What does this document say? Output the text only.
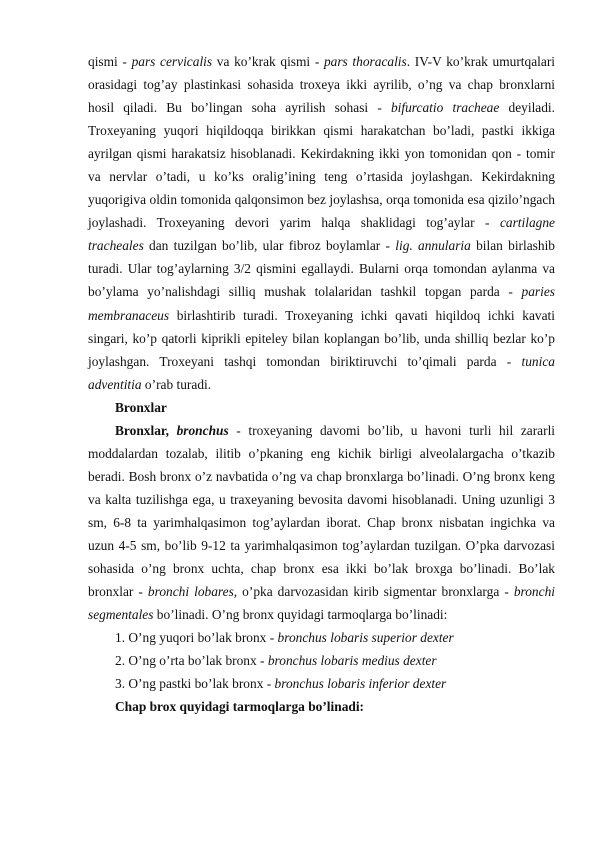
qismi - pars cervicalis va ko’krak qismi - pars thoracalis. IV-V ko’krak umurtqalari orasidagi tog’ay plastinkasi sohasida troxeya ikki ayrilib, o’ng va chap bronxlarni hosil qiladi. Bu bo’lingan soha ayrilish sohasi - bifurcatio tracheae deyiladi. Troxeyaning yuqori hiqildoqqa birikkan qismi harakatchan bo’ladi, pastki ikkiga ayrilgan qismi harakatsiz hisoblanadi. Kekirdakning ikki yon tomonidan qon - tomir va nervlar o’tadi, u ko’ks oralig’ining teng o’rtasida joylashgan. Kekirdakning yuqorigiva oldin tomonida qalqonsimon bez joylashsa, orqa tomonida esa qizilo’ngach joylashadi. Troxeyaning devori yarim halqa shaklidagi tog’aylar - cartilagne tracheales dan tuzilgan bo’lib, ular fibroz boylamlar - lig. annularia bilan birlashib turadi. Ular tog’aylarning 3/2 qismini egallaydi. Bularni orqa tomondan aylanma va bo’ylama yo’nalishdagi silliq mushak tolalaridan tashkil topgan parda - paries membranaceus birlashtirib turadi. Troxeyaning ichki qavati hiqildoq ichki kavati singari, ko’p qatorli kiprikli epiteley bilan koplangan bo’lib, unda shilliq bezlar ko’p joylashgan. Troxeyani tashqi tomondan biriktiruvchi to’qimali parda - tunica adventitia o’rab turadi.

Bronxlar

Bronxlar, bronchus - troxeyaning davomi bo’lib, u havoni turli hil zararli moddalardan tozalab, ilitib o’pkaning eng kichik birligi alveolalargacha o’tkazib beradi. Bosh bronx o’z navbatida o’ng va chap bronxlarga bo’linadi. O’ng bronx keng va kalta tuzilishga ega, u traxeyaning bevosita davomi hisoblanadi. Uning uzunligi 3 sm, 6-8 ta yarimhalqasimon tog’aylardan iborat. Chap bronx nisbatan ingichka va uzun 4-5 sm, bo’lib 9-12 ta yarimhalqasimon tog’aylardan tuzilgan. O’pka darvozasi sohasida o’ng bronx uchta, chap bronx esa ikki bo’lak broxga bo’linadi. Bo’lak bronxlar - bronchi lobares, o’pka darvozasidan kirib sigmentar bronxlarga - bronchi segmentales bo’linadi. O’ng bronx quyidagi tarmoqlarga bo’linadi:

1. O’ng yuqori bo’lak bronx - bronchus lobaris superior dexter

2. O’ng o’rta bo’lak bronx - bronchus lobaris medius dexter

3. O’ng pastki bo’lak bronx - bronchus lobaris inferior dexter

Chap brox quyidagi tarmoqlarga bo’linadi:
